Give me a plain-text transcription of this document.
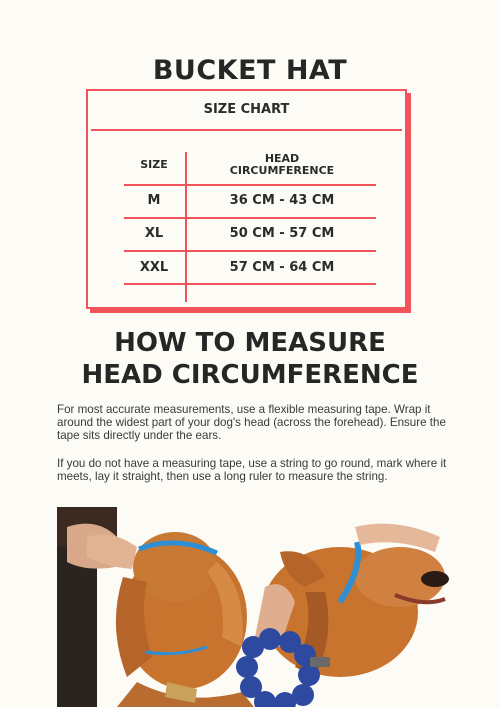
BUCKET HAT
SIZE CHART
SIZE	HEAD
CIRCUMFERENCE
M	36 CM - 43 CM
XL	50 CM - 57 CM
XXL	57 CM - 64 CM
HOW TO MEASURE
HEAD CIRCUMFERENCE
For most accurate measurements, use a flexible measuring tape. Wrap it around the widest part of your dog's head (across the forehead). Ensure the tape sits directly under the ears.
If you do not have a measuring tape, use a string to go round, mark where it meets, lay it straight, then use a long ruler to measure the string.
